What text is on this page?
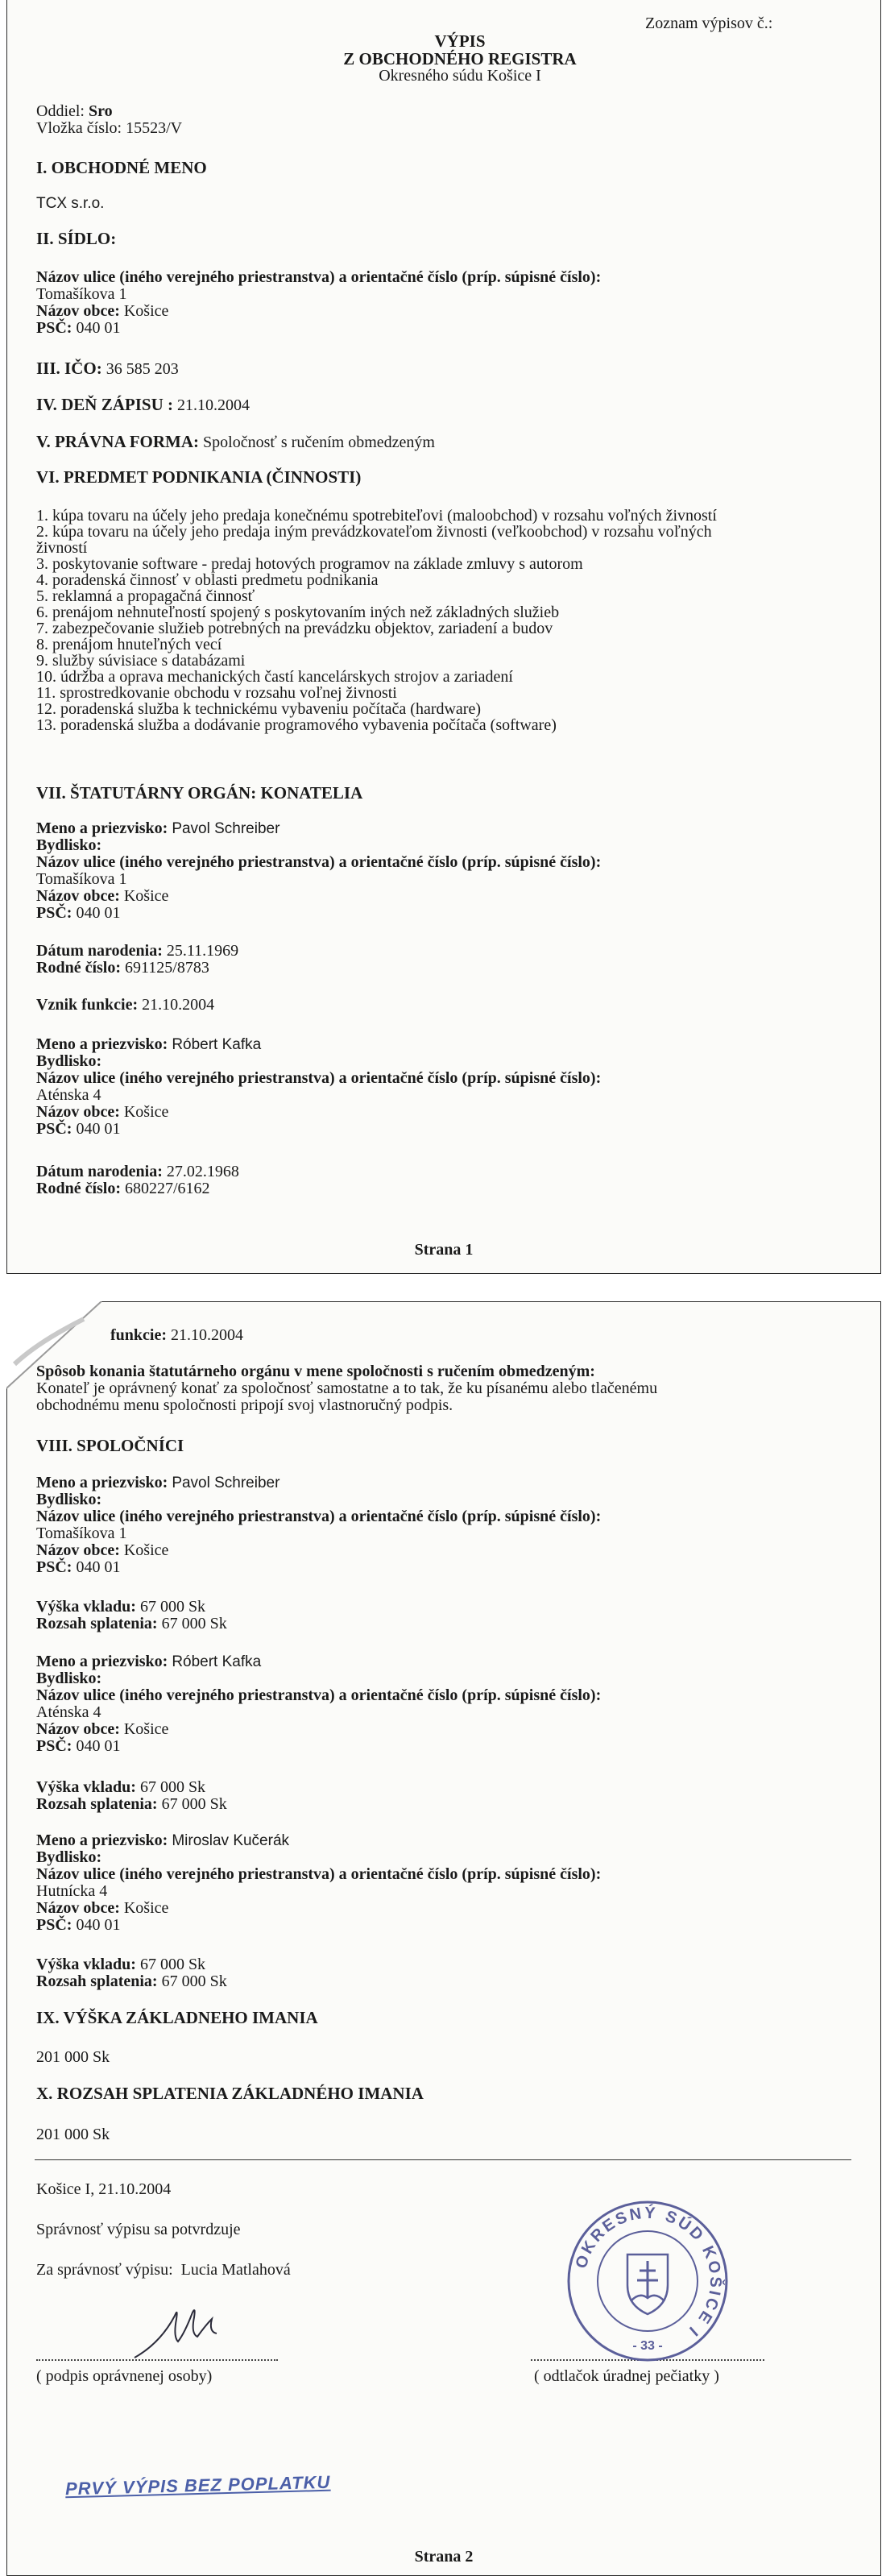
Zoznam výpisov č.:
VÝPIS
Z OBCHODNÉHO REGISTRA
Okresného súdu Košice I
Oddiel: Sro
Vložka číslo: 15523/V
I. OBCHODNÉ MENO
TCX s.r.o.
II. SÍDLO:
Názov ulice (iného verejného priestranstva) a orientačné číslo (príp. súpisné číslo):
Tomašíkova 1
Názov obce: Košice
PSČ: 040 01
III. IČO: 36 585 203
IV. DEŇ ZÁPISU : 21.10.2004
V. PRÁVNA FORMA: Spoločnosť s ručením obmedzeným
VI. PREDMET PODNIKANIA (ČINNOSTI)
1. kúpa tovaru na účely jeho predaja konečnému spotrebiteľovi (maloobchod) v rozsahu voľných živností
2. kúpa tovaru na účely jeho predaja iným prevádzkovateľom živnosti (veľkoobchod) v rozsahu voľných
živností
3. poskytovanie software - predaj hotových programov na základe zmluvy s autorom
4. poradenská činnosť v oblasti predmetu podnikania
5. reklamná a propagačná činnosť
6. prenájom nehnuteľností spojený s poskytovaním iných než základných služieb
7. zabezpečovanie služieb potrebných na prevádzku objektov, zariadení a budov
8. prenájom hnuteľných vecí
9. služby súvisiace s databázami
10. údržba a oprava mechanických častí kancelárskych strojov a zariadení
11. sprostredkovanie obchodu v rozsahu voľnej živnosti
12. poradenská služba k technickému vybaveniu počítača (hardware)
13. poradenská služba a dodávanie programového vybavenia počítača (software)
VII. ŠTATUTÁRNY ORGÁN: KONATELIA
Meno a priezvisko: Pavol Schreiber
Bydlisko:
Názov ulice (iného verejného priestranstva) a orientačné číslo (príp. súpisné číslo):
Tomašíkova 1
Názov obce: Košice
PSČ: 040 01
Dátum narodenia: 25.11.1969
Rodné číslo: 691125/8783
Vznik funkcie: 21.10.2004
Meno a priezvisko: Róbert Kafka
Bydlisko:
Názov ulice (iného verejného priestranstva) a orientačné číslo (príp. súpisné číslo):
Aténska 4
Názov obce: Košice
PSČ: 040 01
Dátum narodenia: 27.02.1968
Rodné číslo: 680227/6162
Strana 1
funkcie: 21.10.2004
Spôsob konania štatutárneho orgánu v mene spoločnosti s ručením obmedzeným:
Konateľ je oprávnený konať za spoločnosť samostatne a to tak, že ku písanému alebo tlačenému
obchodnému menu spoločnosti pripojí svoj vlastnoručný podpis.
VIII. SPOLOČNÍCI
Meno a priezvisko: Pavol Schreiber
Bydlisko:
Názov ulice (iného verejného priestranstva) a orientačné číslo (príp. súpisné číslo):
Tomašíkova 1
Názov obce: Košice
PSČ: 040 01
Výška vkladu: 67 000 Sk
Rozsah splatenia: 67 000 Sk
Meno a priezvisko: Róbert Kafka
Bydlisko:
Názov ulice (iného verejného priestranstva) a orientačné číslo (príp. súpisné číslo):
Aténska 4
Názov obce: Košice
PSČ: 040 01
Výška vkladu: 67 000 Sk
Rozsah splatenia: 67 000 Sk
Meno a priezvisko: Miroslav Kučerák
Bydlisko:
Názov ulice (iného verejného priestranstva) a orientačné číslo (príp. súpisné číslo):
Hutnícka 4
Názov obce: Košice
PSČ: 040 01
Výška vkladu: 67 000 Sk
Rozsah splatenia: 67 000 Sk
IX. VÝŠKA ZÁKLADNEHO IMANIA
201 000 Sk
X. ROZSAH SPLATENIA ZÁKLADNÉHO IMANIA
201 000 Sk
Košice I, 21.10.2004
Správnosť výpisu sa potvrdzuje
Za správnosť výpisu: Lucia Matlahová
( podpis oprávnenej osoby)	( odtlačok úradnej pečiatky )
OKRESNÝ SÚD KOŠICE I
- 33 -
PRVÝ VÝPIS BEZ POPLATKU
Strana 2
